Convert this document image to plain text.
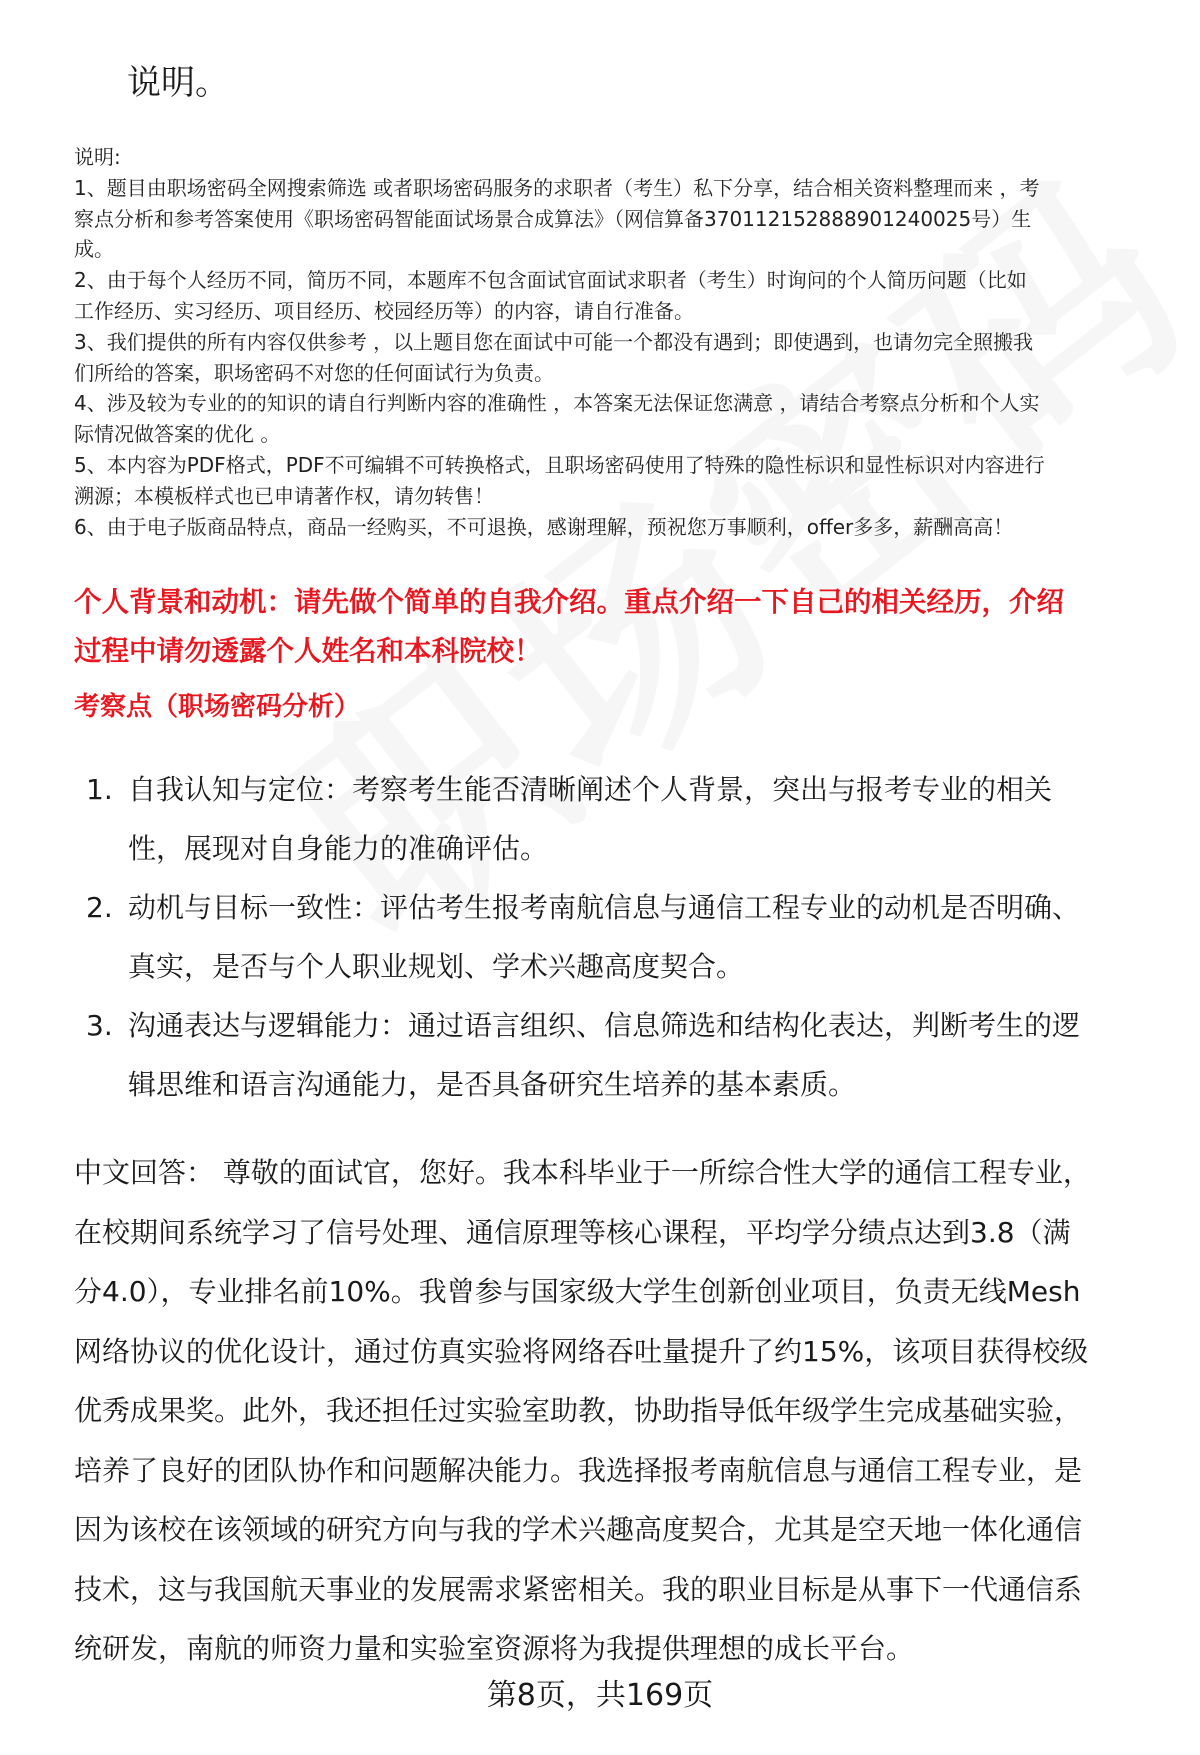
说明。
说明:
1、题目由职场密码全网搜索筛选 或者职场密码服务的求职者（考生）私下分享，结合相关资料整理而来 ，考
察点分析和参考答案使用《职场密码智能面试场景合成算法》（网信算备370112152888901240025号）生
成。
2、由于每个人经历不同，简历不同，本题库不包含面试官面试求职者（考生）时询问的个人简历问题（比如
工作经历、实习经历、项目经历、校园经历等）的内容，请自行准备。
3、我们提供的所有内容仅供参考 ，以上题目您在面试中可能一个都没有遇到；即使遇到，也请勿完全照搬我
们所给的答案，职场密码不对您的任何面试行为负责。
4、涉及较为专业的的知识的请自行判断内容的准确性 ，本答案无法保证您满意 ，请结合考察点分析和个人实
际情况做答案的优化 。
5、本内容为PDF格式，PDF不可编辑不可转换格式，且职场密码使用了特殊的隐性标识和显性标识对内容进行
溯源；本模板样式也已申请著作权，请勿转售！
6、由于电子版商品特点，商品一经购买，不可退换，感谢理解，预祝您万事顺利，offer多多，薪酬高高！
个人背景和动机：请先做个简单的自我介绍。重点介绍一下自己的相关经历，介绍
过程中请勿透露个人姓名和本科院校！
考察点（职场密码分析）
1. 自我认知与定位：考察考生能否清晰阐述个人背景，突出与报考专业的相关
性，展现对自身能力的准确评估。
2. 动机与目标一致性：评估考生报考南航信息与通信工程专业的动机是否明确、
真实，是否与个人职业规划、学术兴趣高度契合。
3. 沟通表达与逻辑能力：通过语言组织、信息筛选和结构化表达，判断考生的逻
辑思维和语言沟通能力，是否具备研究生培养的基本素质。
中文回答： 尊敬的面试官，您好。我本科毕业于一所综合性大学的通信工程专业，
在校期间系统学习了信号处理、通信原理等核心课程，平均学分绩点达到3.8（满
分4.0），专业排名前10%。我曾参与国家级大学生创新创业项目，负责无线Mesh
网络协议的优化设计，通过仿真实验将网络吞吐量提升了约15%，该项目获得校级
优秀成果奖。此外，我还担任过实验室助教，协助指导低年级学生完成基础实验，
培养了良好的团队协作和问题解决能力。我选择报考南航信息与通信工程专业，是
因为该校在该领域的研究方向与我的学术兴趣高度契合，尤其是空天地一体化通信
技术，这与我国航天事业的发展需求紧密相关。我的职业目标是从事下一代通信系
统研发，南航的师资力量和实验室资源将为我提供理想的成长平台。
第8页，共169页
